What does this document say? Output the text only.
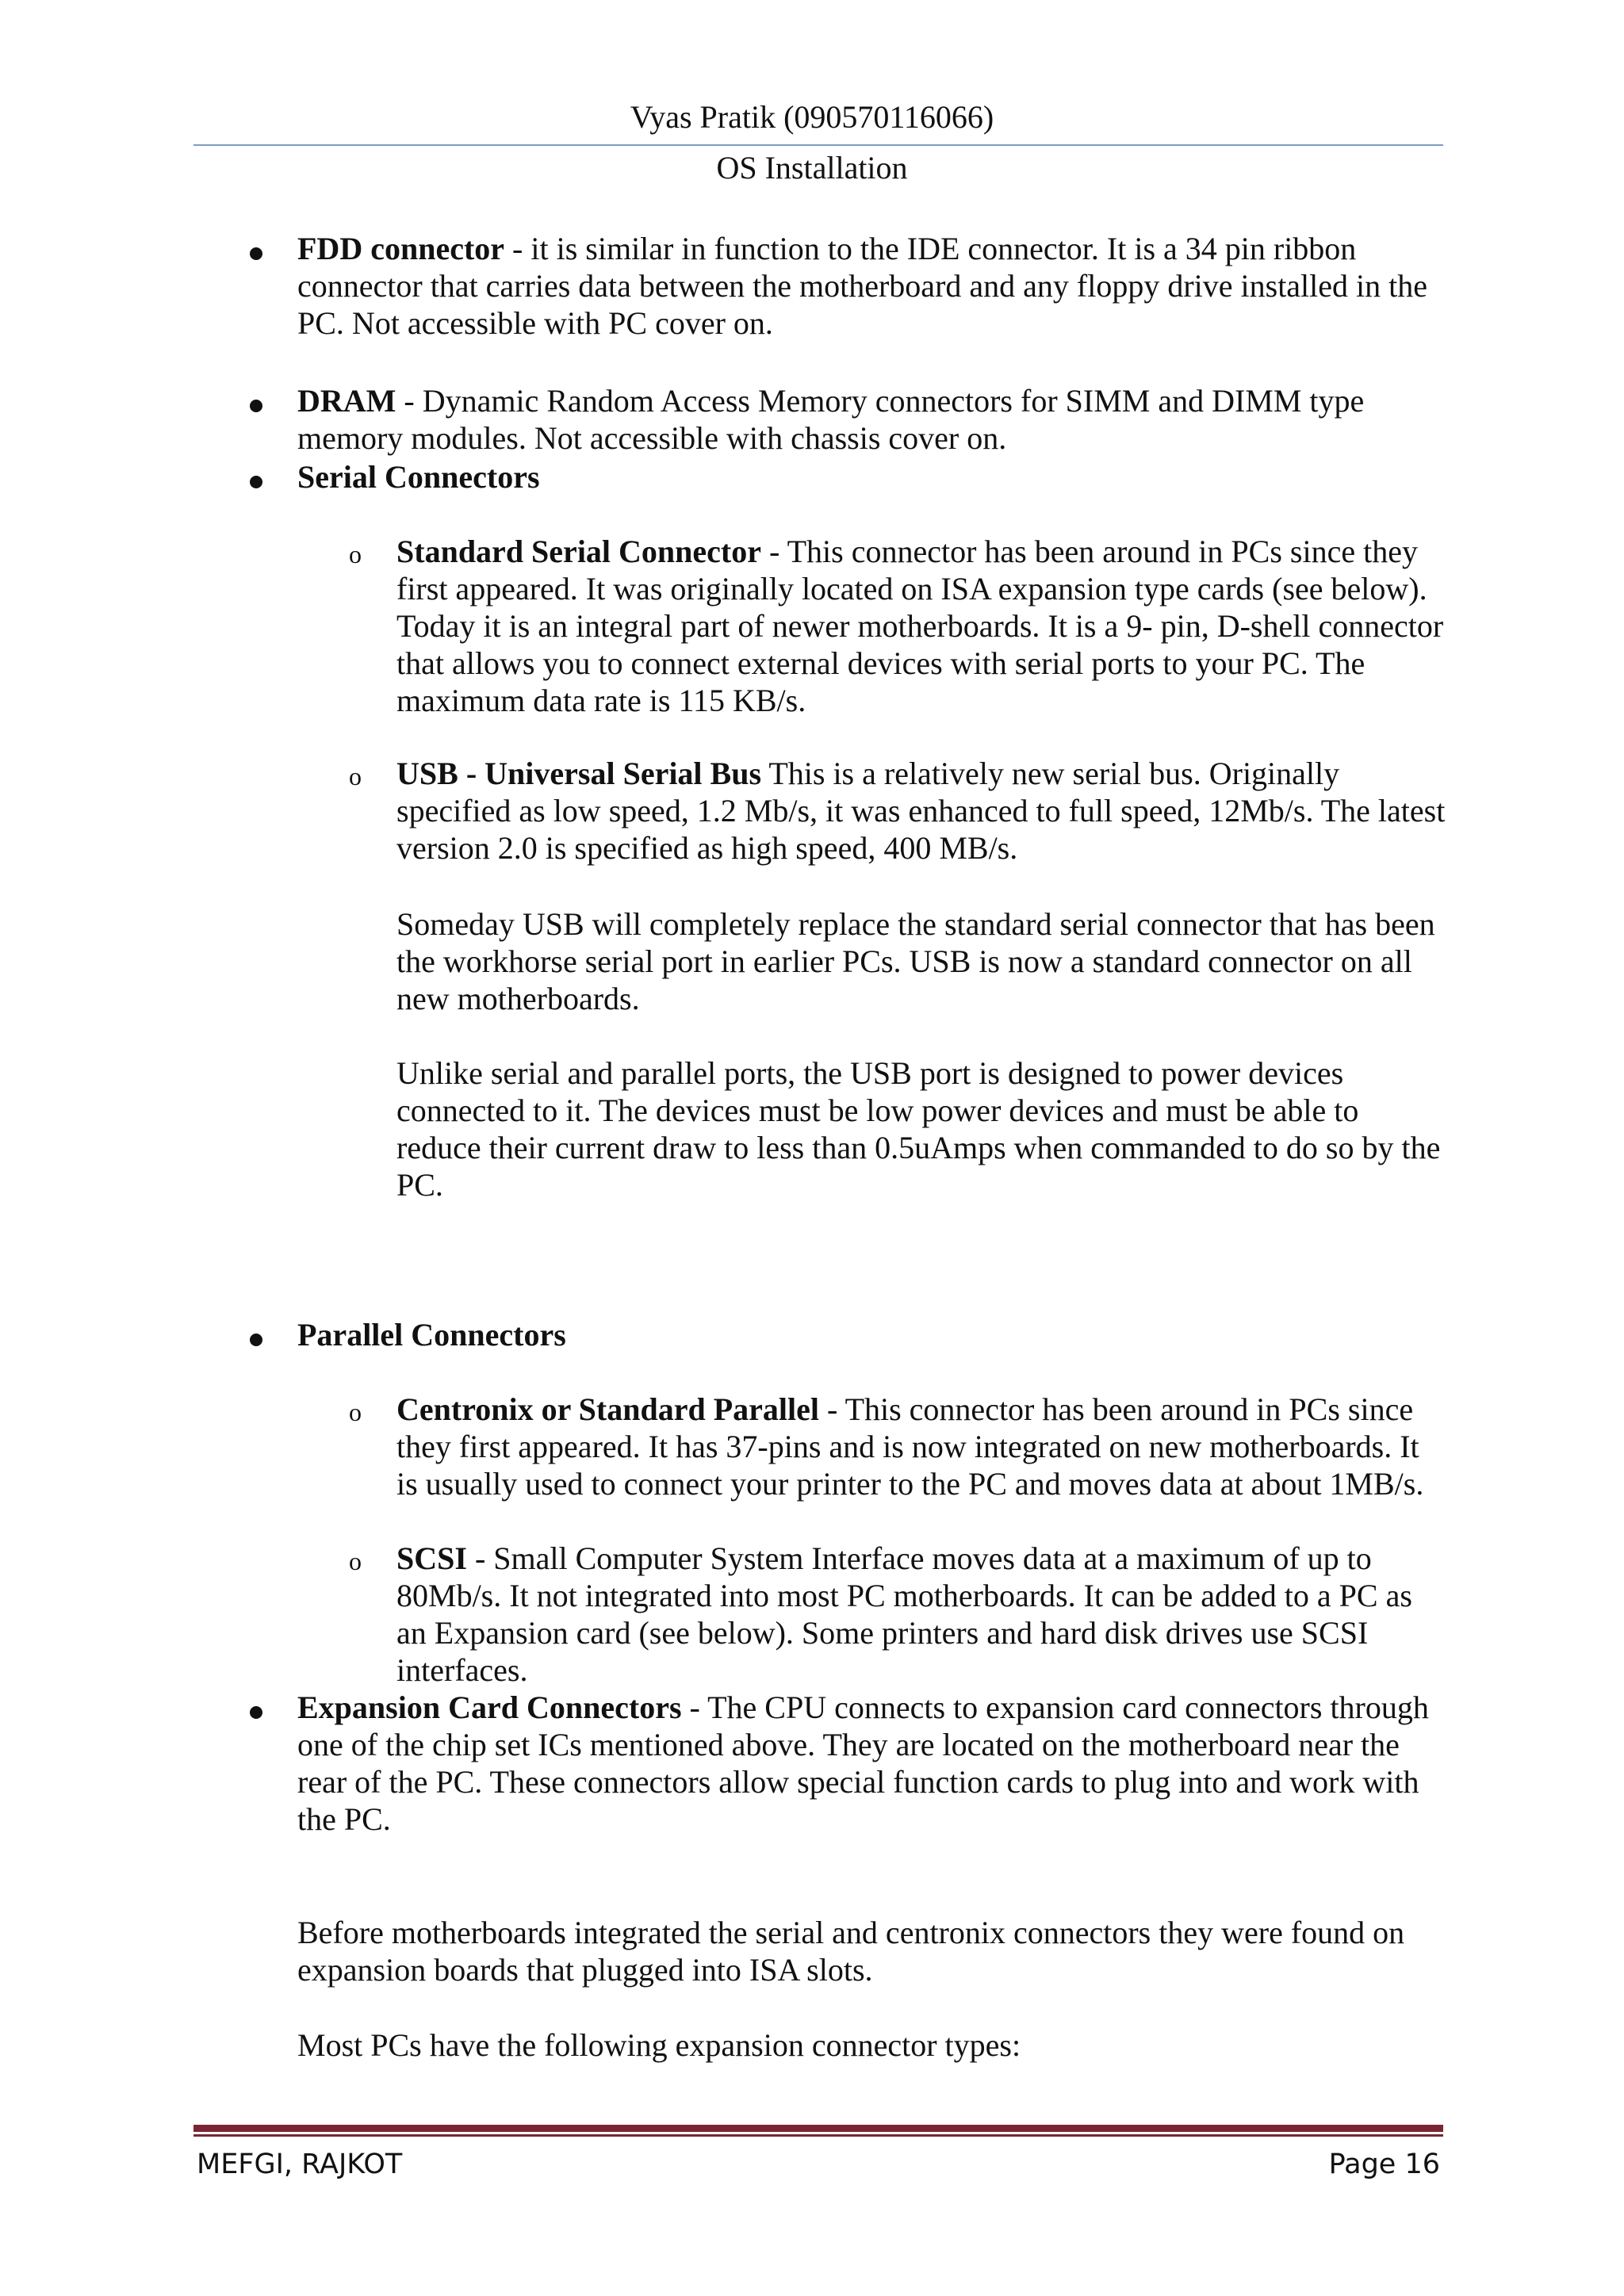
Vyas Pratik (090570116066)
OS Installation
FDD connector - it is similar in function to the IDE connector. It is a 34 pin ribbon connector that carries data between the motherboard and any floppy drive installed in the PC. Not accessible with PC cover on.
DRAM - Dynamic Random Access Memory connectors for SIMM and DIMM type memory modules. Not accessible with chassis cover on.
Serial Connectors
o Standard Serial Connector - This connector has been around in PCs since they first appeared. It was originally located on ISA expansion type cards (see below). Today it is an integral part of newer motherboards. It is a 9- pin, D-shell connector that allows you to connect external devices with serial ports to your PC. The maximum data rate is 115 KB/s.
o USB - Universal Serial Bus This is a relatively new serial bus. Originally specified as low speed, 1.2 Mb/s, it was enhanced to full speed, 12Mb/s. The latest version 2.0 is specified as high speed, 400 MB/s.
Someday USB will completely replace the standard serial connector that has been the workhorse serial port in earlier PCs. USB is now a standard connector on all new motherboards.
Unlike serial and parallel ports, the USB port is designed to power devices connected to it. The devices must be low power devices and must be able to reduce their current draw to less than 0.5uAmps when commanded to do so by the PC.
Parallel Connectors
o Centronix or Standard Parallel - This connector has been around in PCs since they first appeared. It has 37-pins and is now integrated on new motherboards. It is usually used to connect your printer to the PC and moves data at about 1MB/s.
o SCSI - Small Computer System Interface moves data at a maximum of up to 80Mb/s. It not integrated into most PC motherboards. It can be added to a PC as an Expansion card (see below). Some printers and hard disk drives use SCSI interfaces.
Expansion Card Connectors - The CPU connects to expansion card connectors through one of the chip set ICs mentioned above. They are located on the motherboard near the rear of the PC. These connectors allow special function cards to plug into and work with the PC.
Before motherboards integrated the serial and centronix connectors they were found on expansion boards that plugged into ISA slots.
Most PCs have the following expansion connector types:
MEFGI, RAJKOT	Page 16
